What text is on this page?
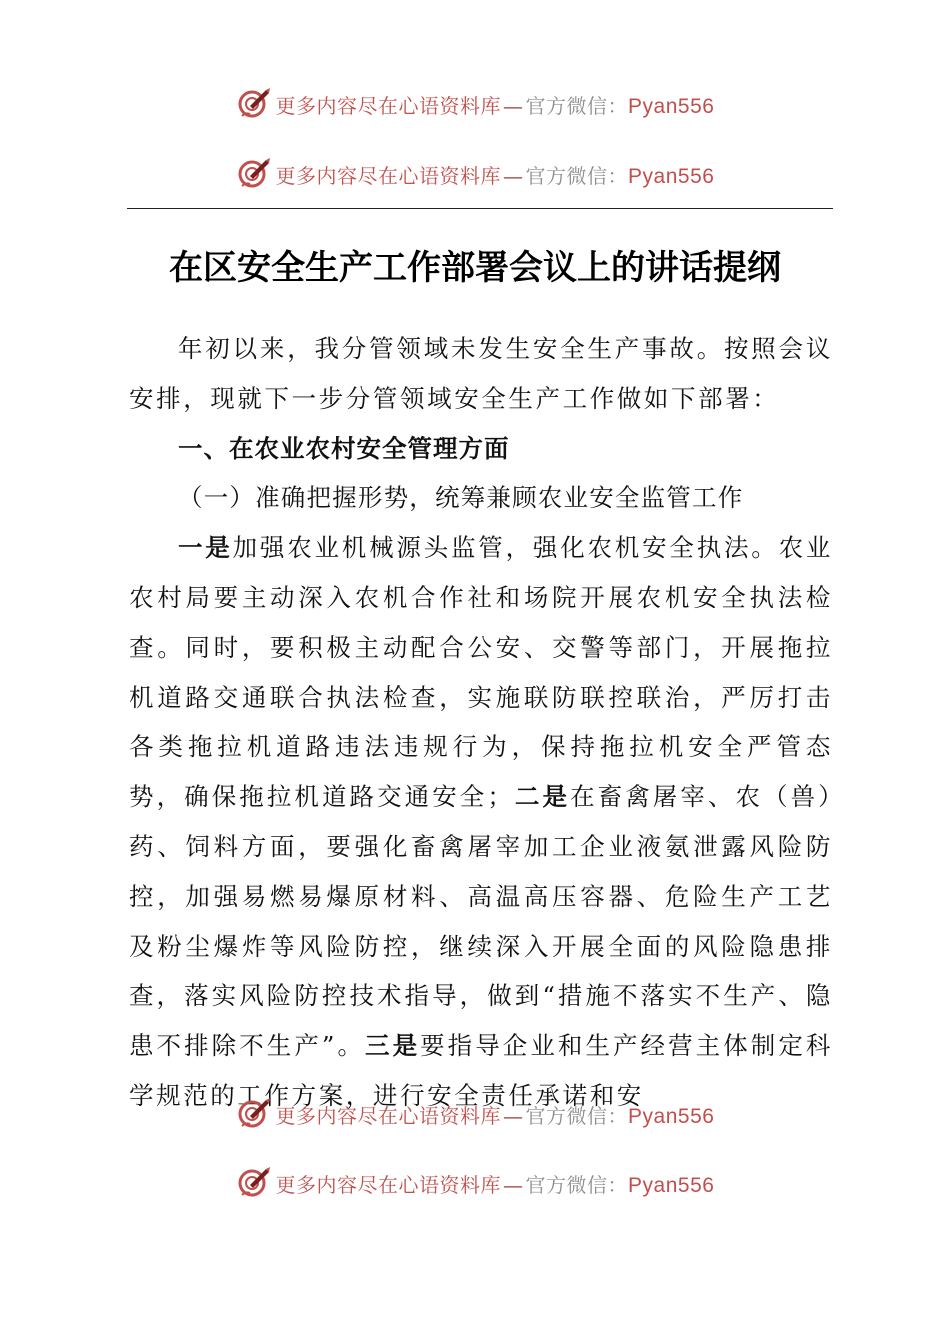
更多内容尽在心语资料库 — 官方微信：Pyan556
更多内容尽在心语资料库 — 官方微信：Pyan556
在区安全生产工作部署会议上的讲话提纲

年初以来，我分管领域未发生安全生产事故。按照会议安排，现就下一步分管领域安全生产工作做如下部署：

一、在农业农村安全管理方面

（一）准确把握形势，统筹兼顾农业安全监管工作

一是加强农业机械源头监管，强化农机安全执法。农业农村局要主动深入农机合作社和场院开展农机安全执法检查。同时，要积极主动配合公安、交警等部门，开展拖拉机道路交通联合执法检查，实施联防联控联治，严厉打击各类拖拉机道路违法违规行为，保持拖拉机安全严管态势，确保拖拉机道路交通安全；二是在畜禽屠宰、农（兽）药、饲料方面，要强化畜禽屠宰加工企业液氨泄露风险防控，加强易燃易爆原材料、高温高压容器、危险生产工艺及粉尘爆炸等风险防控，继续深入开展全面的风险隐患排查，落实风险防控技术指导，做到“措施不落实不生产、隐患不排除不生产”。三是要指导企业和生产经营主体制定科学规范的工作方案，进行安全责任承诺和安

更多内容尽在心语资料库 — 官方微信：Pyan556
更多内容尽在心语资料库 — 官方微信：Pyan556
